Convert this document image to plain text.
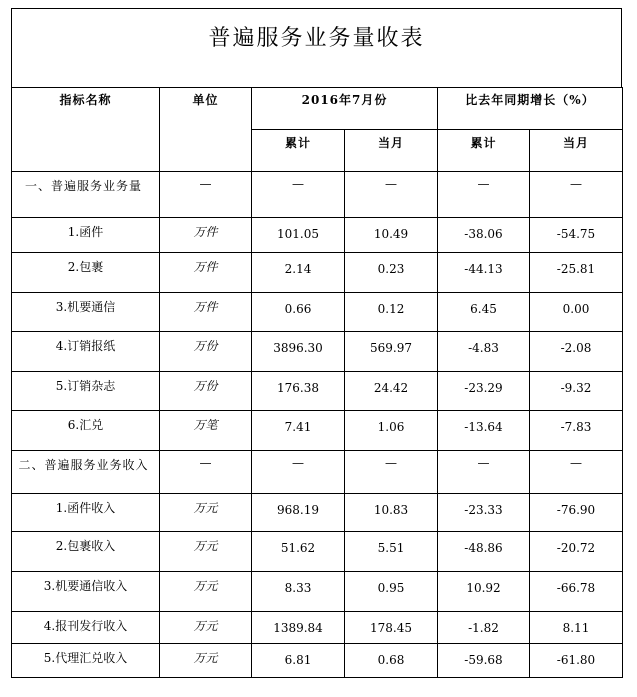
普遍服务业务量收表
指标名称	单位	2016年7月份		比去年同期增长（%）	
		累计	当月	累计	当月
一、普遍服务业务量	—	—	—	—	—
1.函件	万件	101.05	10.49	-38.06	-54.75
2.包裹	万件	2.14	0.23	-44.13	-25.81
3.机要通信	万件	0.66	0.12	6.45	0.00
4.订销报纸	万份	3896.30	569.97	-4.83	-2.08
5.订销杂志	万份	176.38	24.42	-23.29	-9.32
6.汇兑	万笔	7.41	1.06	-13.64	-7.83
二、普遍服务业务收入	—	—	—	—	—
1.函件收入	万元	968.19	10.83	-23.33	-76.90
2.包裹收入	万元	51.62	5.51	-48.86	-20.72
3.机要通信收入	万元	8.33	0.95	10.92	-66.78
4.报刊发行收入	万元	1389.84	178.45	-1.82	8.11
5.代理汇兑收入	万元	6.81	0.68	-59.68	-61.80
